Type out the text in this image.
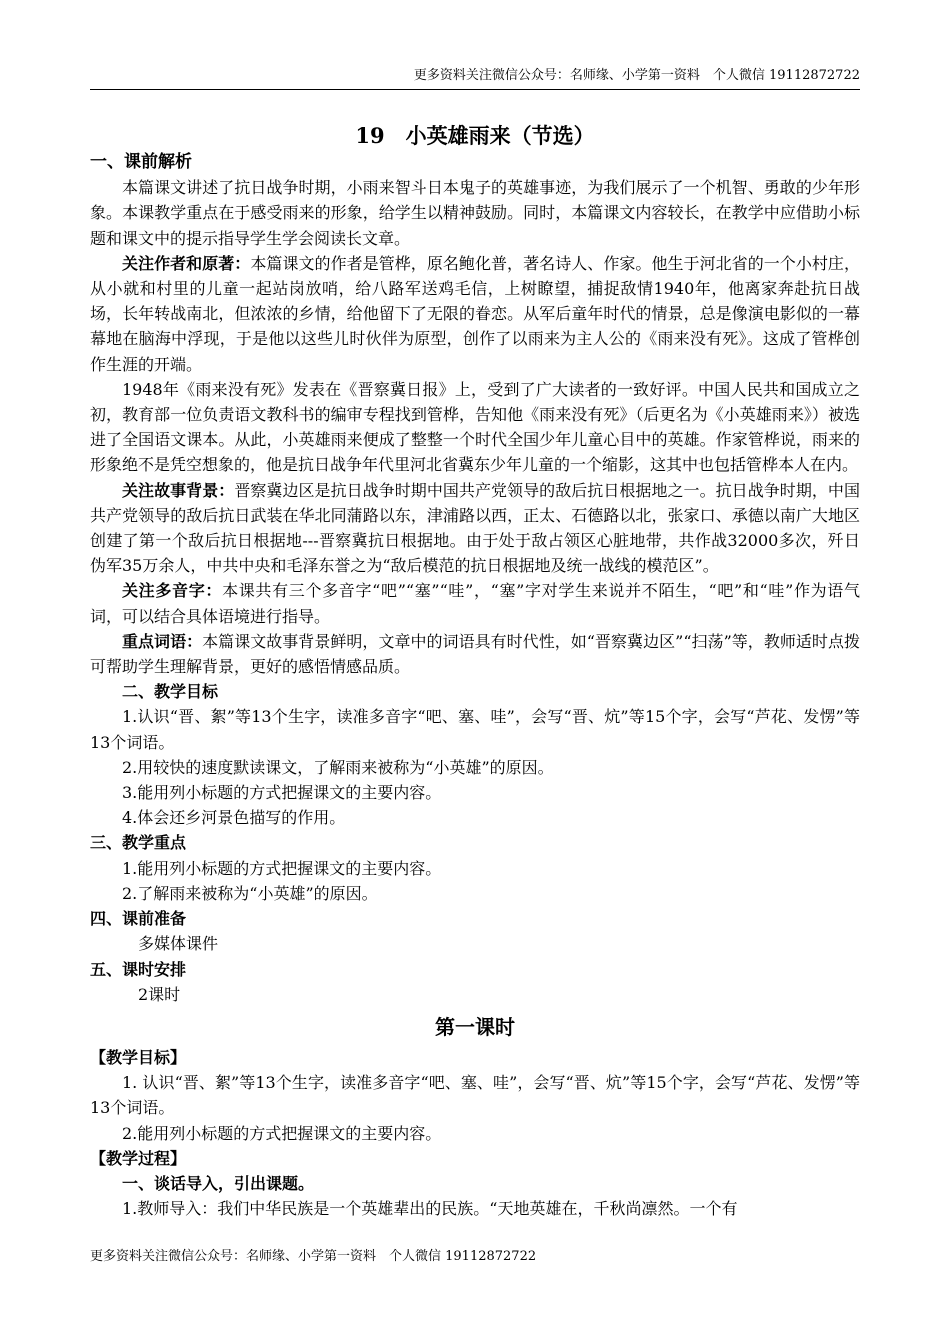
更多资料关注微信公众号：名师缘、小学第一资料　个人微信 19112872722
19　小英雄雨来（节选）

一、课前解析

本篇课文讲述了抗日战争时期，小雨来智斗日本鬼子的英雄事迹，为我们展示了一个机智、勇敢的少年形象。本课教学重点在于感受雨来的形象，给学生以精神鼓励。同时，本篇课文内容较长，在教学中应借助小标题和课文中的提示指导学生学会阅读长文章。

关注作者和原著：本篇课文的作者是管桦，原名鲍化普，著名诗人、作家。他生于河北省的一个小村庄，从小就和村里的儿童一起站岗放哨，给八路军送鸡毛信，上树瞭望，捕捉敌情1940年，他离家奔赴抗日战场，长年转战南北，但浓浓的乡情，给他留下了无限的眷恋。从军后童年时代的情景，总是像演电影似的一幕幕地在脑海中浮现，于是他以这些儿时伙伴为原型，创作了以雨来为主人公的《雨来没有死》。这成了管桦创作生涯的开端。

1948年《雨来没有死》发表在《晋察冀日报》上，受到了广大读者的一致好评。中国人民共和国成立之初，教育部一位负责语文教科书的编审专程找到管桦，告知他《雨来没有死》（后更名为《小英雄雨来》）被选进了全国语文课本。从此，小英雄雨来便成了整整一个时代全国少年儿童心目中的英雄。作家管桦说，雨来的形象绝不是凭空想象的，他是抗日战争年代里河北省冀东少年儿童的一个缩影，这其中也包括管桦本人在内。

关注故事背景：晋察冀边区是抗日战争时期中国共产党领导的敌后抗日根据地之一。抗日战争时期，中国共产党领导的敌后抗日武装在华北同蒲路以东，津浦路以西，正太、石德路以北，张家口、承德以南广大地区创建了第一个敌后抗日根据地---晋察冀抗日根据地。由于处于敌占领区心脏地带，共作战32000多次，歼日伪军35万余人，中共中央和毛泽东誉之为“敌后模范的抗日根据地及统一战线的模范区”。

关注多音字：本课共有三个多音字“吧”“塞”“哇”，“塞”字对学生来说并不陌生，“吧”和“哇”作为语气词，可以结合具体语境进行指导。

重点词语：本篇课文故事背景鲜明，文章中的词语具有时代性，如“晋察冀边区”“扫荡”等，教师适时点拨可帮助学生理解背景，更好的感悟情感品质。

二、教学目标

1.认识“晋、絮”等13个生字，读准多音字“吧、塞、哇”，会写“晋、炕”等15个字，会写“芦花、发愣”等13个词语。

2.用较快的速度默读课文，了解雨来被称为“小英雄”的原因。

3.能用列小标题的方式把握课文的主要内容。

4.体会还乡河景色描写的作用。

三、教学重点

1.能用列小标题的方式把握课文的主要内容。

2.了解雨来被称为“小英雄”的原因。

四、课前准备

多媒体课件

五、课时安排

2课时

第一课时

【教学目标】

1. 认识“晋、絮”等13个生字，读准多音字“吧、塞、哇”，会写“晋、炕”等15个字，会写“芦花、发愣”等13个词语。

2.能用列小标题的方式把握课文的主要内容。

【教学过程】

一、谈话导入，引出课题。

1.教师导入：我们中华民族是一个英雄辈出的民族。“天地英雄在，千秋尚凛然。一个有

更多资料关注微信公众号：名师缘、小学第一资料　个人微信 19112872722
